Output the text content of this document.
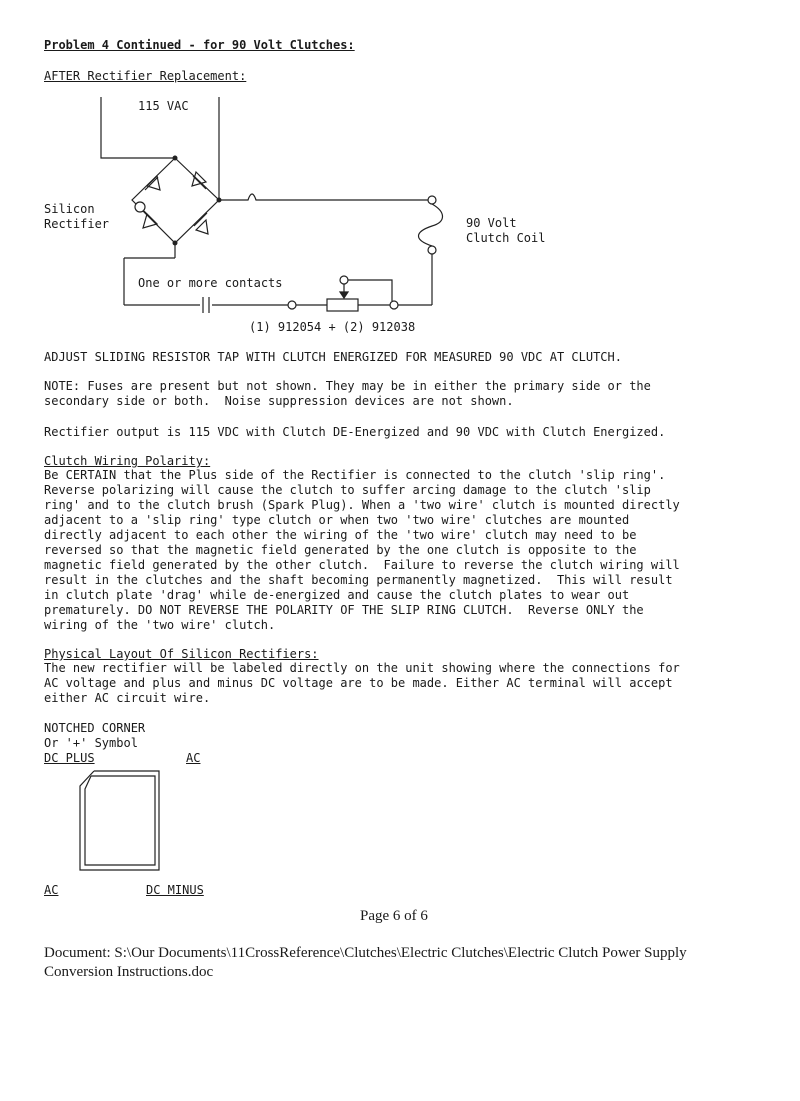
Problem 4 Continued - for 90 Volt Clutches:
AFTER Rectifier Replacement:
115 VAC
Silicon
Rectifier	90 Volt
Clutch Coil
One or more contacts
(1) 912054 + (2) 912038
ADJUST SLIDING RESISTOR TAP WITH CLUTCH ENERGIZED FOR MEASURED 90 VDC AT CLUTCH.
NOTE: Fuses are present but not shown. They may be in either the primary side or the
secondary side or both.  Noise suppression devices are not shown.
Rectifier output is 115 VDC with Clutch DE-Energized and 90 VDC with Clutch Energized.
Clutch Wiring Polarity:
Be CERTAIN that the Plus side of the Rectifier is connected to the clutch 'slip ring'.
Reverse polarizing will cause the clutch to suffer arcing damage to the clutch 'slip
ring' and to the clutch brush (Spark Plug). When a 'two wire' clutch is mounted directly
adjacent to a 'slip ring' type clutch or when two 'two wire' clutches are mounted
directly adjacent to each other the wiring of the 'two wire' clutch may need to be
reversed so that the magnetic field generated by the one clutch is opposite to the
magnetic field generated by the other clutch.  Failure to reverse the clutch wiring will
result in the clutches and the shaft becoming permanently magnetized.  This will result
in clutch plate 'drag' while de-energized and cause the clutch plates to wear out
prematurely. DO NOT REVERSE THE POLARITY OF THE SLIP RING CLUTCH.  Reverse ONLY the
wiring of the 'two wire' clutch.
Physical Layout Of Silicon Rectifiers:
The new rectifier will be labeled directly on the unit showing where the connections for
AC voltage and plus and minus DC voltage are to be made. Either AC terminal will accept
either AC circuit wire.
NOTCHED CORNER
Or '+' Symbol
DC PLUS	AC
AC	DC MINUS
Page 6 of 6
Document: S:\Our Documents\11CrossReference\Clutches\Electric Clutches\Electric Clutch Power Supply
Conversion Instructions.doc
